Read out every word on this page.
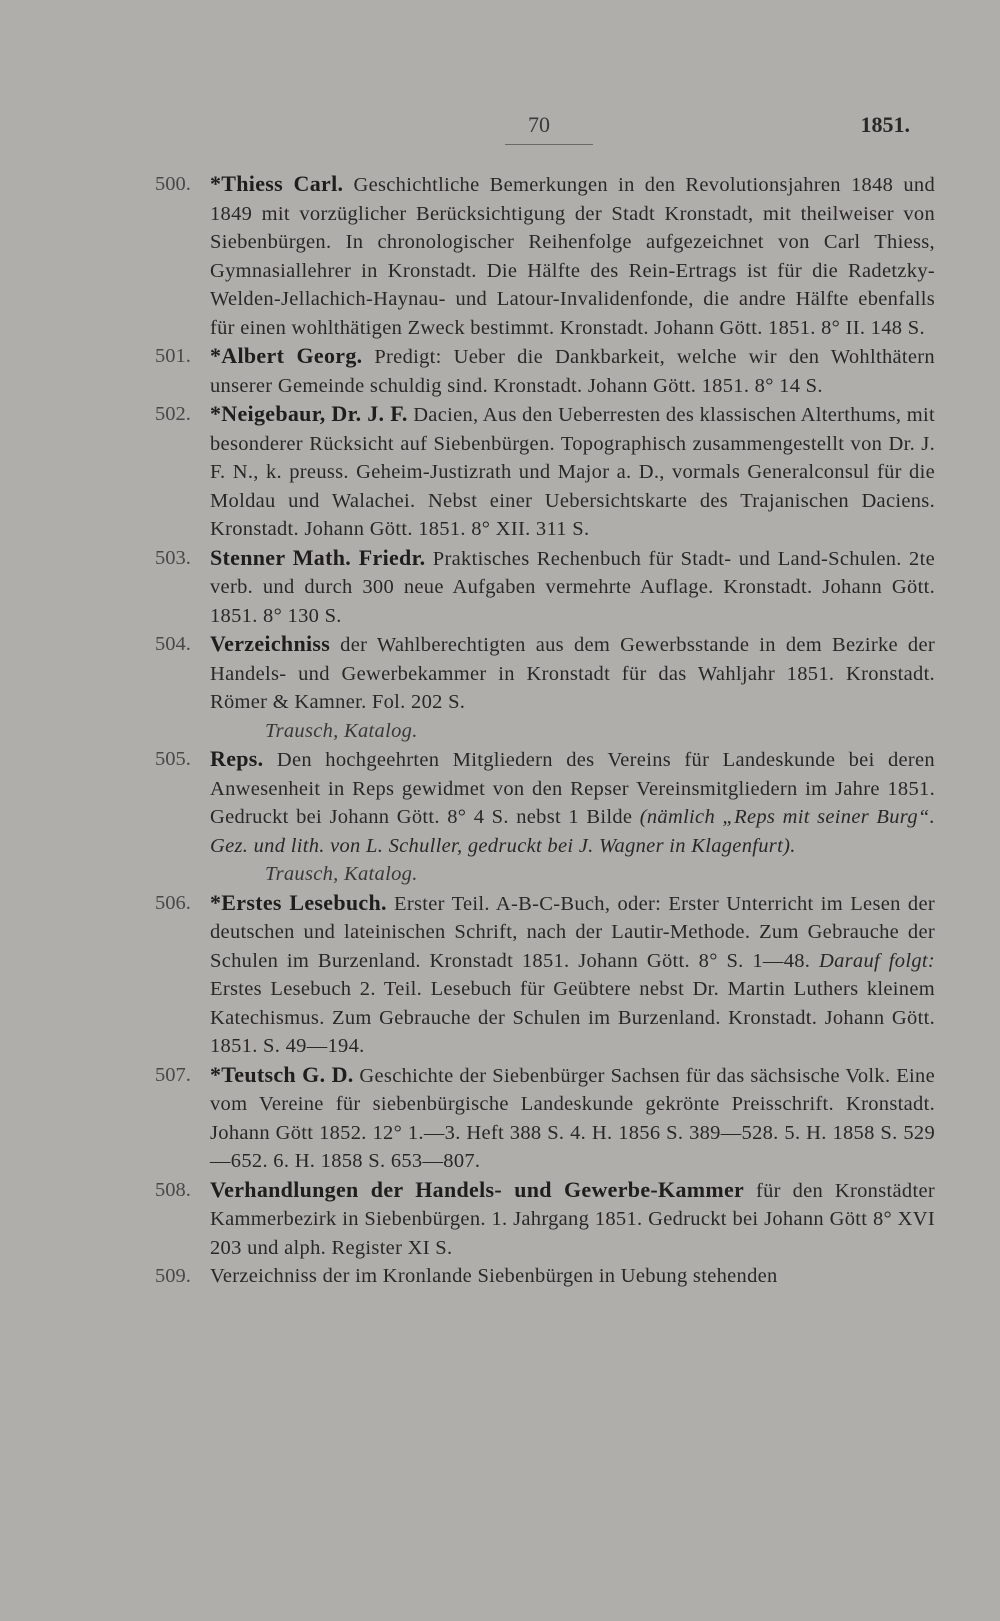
70	1851.
500. *Thiess Carl. Geschichtliche Bemerkungen in den Revolutionsjahren 1848 und 1849 mit vorzüglicher Berücksichtigung der Stadt Kronstadt, mit theilweiser von Siebenbürgen. In chronologischer Reihenfolge aufgezeichnet von Carl Thiess, Gymnasiallehrer in Kronstadt. Die Hälfte des Rein-Ertrags ist für die Radetzky-Welden-Jellachich-Haynau- und Latour-Invalidenfonde, die andre Hälfte ebenfalls für einen wohlthätigen Zweck bestimmt. Kronstadt. Johann Gött. 1851. 8° II. 148 S.
501. *Albert Georg. Predigt: Ueber die Dankbarkeit, welche wir den Wohlthätern unserer Gemeinde schuldig sind. Kronstadt. Johann Gött. 1851. 8° 14 S.
502. *Neigebaur, Dr. J. F. Dacien, Aus den Ueberresten des klassischen Alterthums, mit besonderer Rücksicht auf Siebenbürgen. Topographisch zusammengestellt von Dr. J. F. N., k. preuss. Geheim-Justizrath und Major a. D., vormals Generalconsul für die Moldau und Walachei. Nebst einer Uebersichtskarte des Trajanischen Daciens. Kronstadt. Johann Gött. 1851. 8° XII. 311 S.
503. Stenner Math. Friedr. Praktisches Rechenbuch für Stadt- und Land-Schulen. 2te verb. und durch 300 neue Aufgaben vermehrte Auflage. Kronstadt. Johann Gött. 1851. 8° 130 S.
504. Verzeichniss der Wahlberechtigten aus dem Gewerbsstande in dem Bezirke der Handels- und Gewerbekammer in Kronstadt für das Wahljahr 1851. Kronstadt. Römer & Kamner. Fol. 202 S.
Trausch, Katalog.
505. Reps. Den hochgeehrten Mitgliedern des Vereins für Landeskunde bei deren Anwesenheit in Reps gewidmet von den Repser Vereinsmitgliedern im Jahre 1851. Gedruckt bei Johann Gött. 8° 4 S. nebst 1 Bilde (nämlich „Reps mit seiner Burg“. Gez. und lith. von L. Schuller, gedruckt bei J. Wagner in Klagenfurt).
Trausch, Katalog.
506. *Erstes Lesebuch. Erster Teil. A-B-C-Buch, oder: Erster Unterricht im Lesen der deutschen und lateinischen Schrift, nach der Lautir-Methode. Zum Gebrauche der Schulen im Burzenland. Kronstadt 1851. Johann Gött. 8° S. 1—48. Darauf folgt: Erstes Lesebuch 2. Teil. Lesebuch für Geübtere nebst Dr. Martin Luthers kleinem Katechismus. Zum Gebrauche der Schulen im Burzenland. Kronstadt. Johann Gött. 1851. S. 49—194.
507. *Teutsch G. D. Geschichte der Siebenbürger Sachsen für das sächsische Volk. Eine vom Vereine für siebenbürgische Landeskunde gekrönte Preisschrift. Kronstadt. Johann Gött 1852. 12° 1.—3. Heft 388 S. 4. H. 1856 S. 389—528. 5. H. 1858 S. 529—652. 6. H. 1858 S. 653—807.
508. Verhandlungen der Handels- und Gewerbe-Kammer für den Kronstädter Kammerbezirk in Siebenbürgen. 1. Jahrgang 1851. Gedruckt bei Johann Gött 8° XVI 203 und alph. Register XI S.
509. Verzeichniss der im Kronlande Siebenbürgen in Uebung stehenden
